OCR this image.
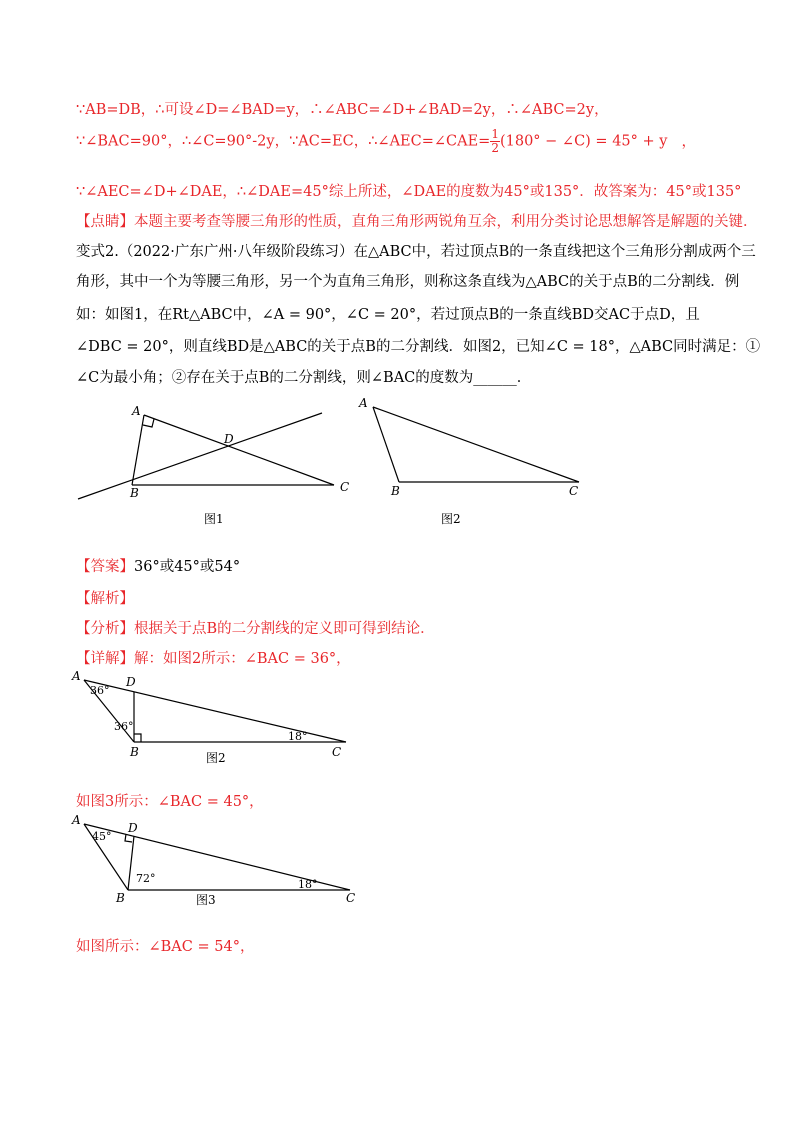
∵AB=DB，∴可设∠D=∠BAD=y，∴∠ABC=∠D+∠BAD=2y，∴∠ABC=2y，
∵∠BAC=90°，∴∠C=90°-2y，∵AC=EC，∴∠AEC=∠CAE= $\frac{1}{2} (180^\circ$ − ∠C) = 45° + y ，
∵∠AEC=∠D+∠DAE，∴∠DAE=45°综上所述，∠DAE的度数为45°或135°．故答案为：45°或135°
【点睛】本题主要考查等腰三角形的性质，直角三角形两锐角互余，利用分类讨论思想解答是解题的关键．
变式2.（2022·广东广州·八年级阶段练习）在△ABC中，若过顶点B的一条直线把这个三角形分割成两个三
角形，其中一个为等腰三角形，另一个为直角三角形，则称这条直线为△ABC的关于点B的二分割线．例
如：如图1，在Rt△ABC中，∠A = 90°，∠C = 20°，若过顶点B的一条直线BD交AC于点D，且
∠DBC = 20°，则直线BD是△ABC的关于点B的二分割线．如图2，已知∠C = 18°，△ABC同时满足：①
∠C为最小角；②存在关于点B的二分割线，则∠BAC的度数为______．
A
D
B	C
图1
A
B	C
图2
【答案】36°或45°或54°
【解析】
【分析】根据关于点B的二分割线的定义即可得到结论．
【详解】解：如图2所示：∠BAC = 36°，
A	D
36°
36°
18°
B	C
图2
如图3所示：∠BAC = 45°，
A
D
45°
72°	18°
B	C
图3
如图所示：∠BAC = 54°，
